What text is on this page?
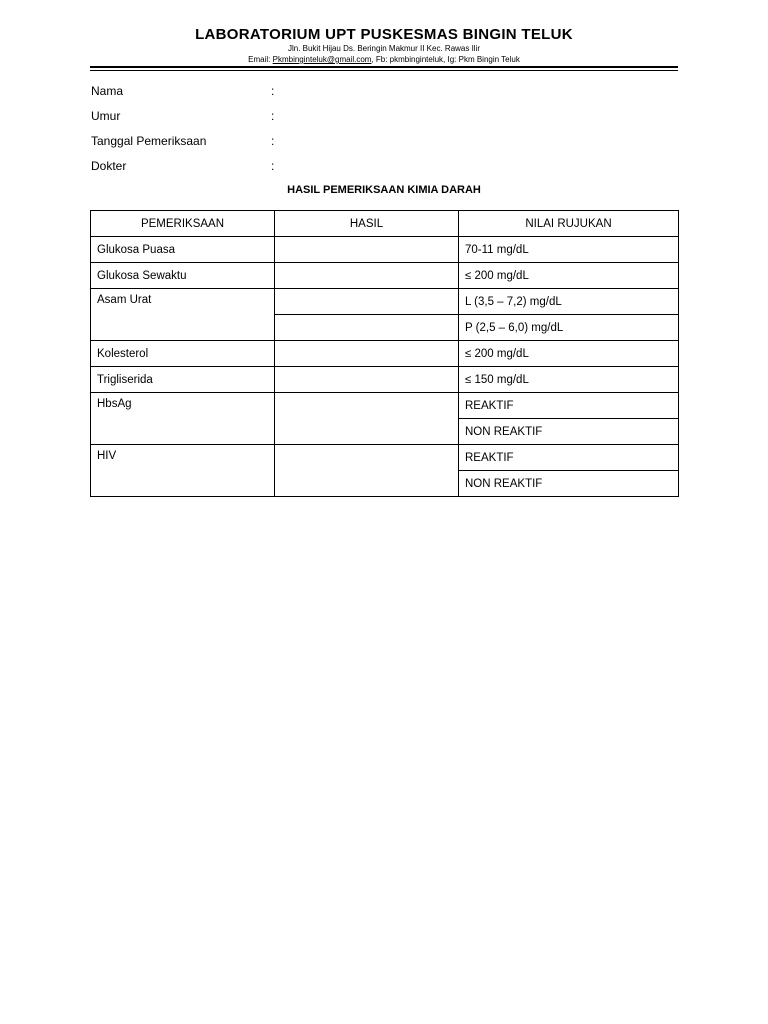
LABORATORIUM UPT PUSKESMAS BINGIN TELUK
Jln. Bukit Hijau Ds. Beringin Makmur II Kec. Rawas Ilir
Email: Pkmbinginteluk@gmail.com, Fb: pkmbinginteluk, Ig: Pkm Bingin Teluk
Nama	:
Umur	:
Tanggal Pemeriksaan	:
Dokter	:
HASIL PEMERIKSAAN KIMIA DARAH
PEMERIKSAAN	HASIL	NILAI RUJUKAN
Glukosa Puasa		70-11 mg/dL
Glukosa Sewaktu		≤ 200 mg/dL
Asam Urat		L (3,5 – 7,2) mg/dL
		P (2,5 – 6,0) mg/dL
Kolesterol		≤ 200 mg/dL
Trigliserida		≤ 150 mg/dL
HbsAg		REAKTIF
		NON REAKTIF
HIV		REAKTIF
		NON REAKTIF
